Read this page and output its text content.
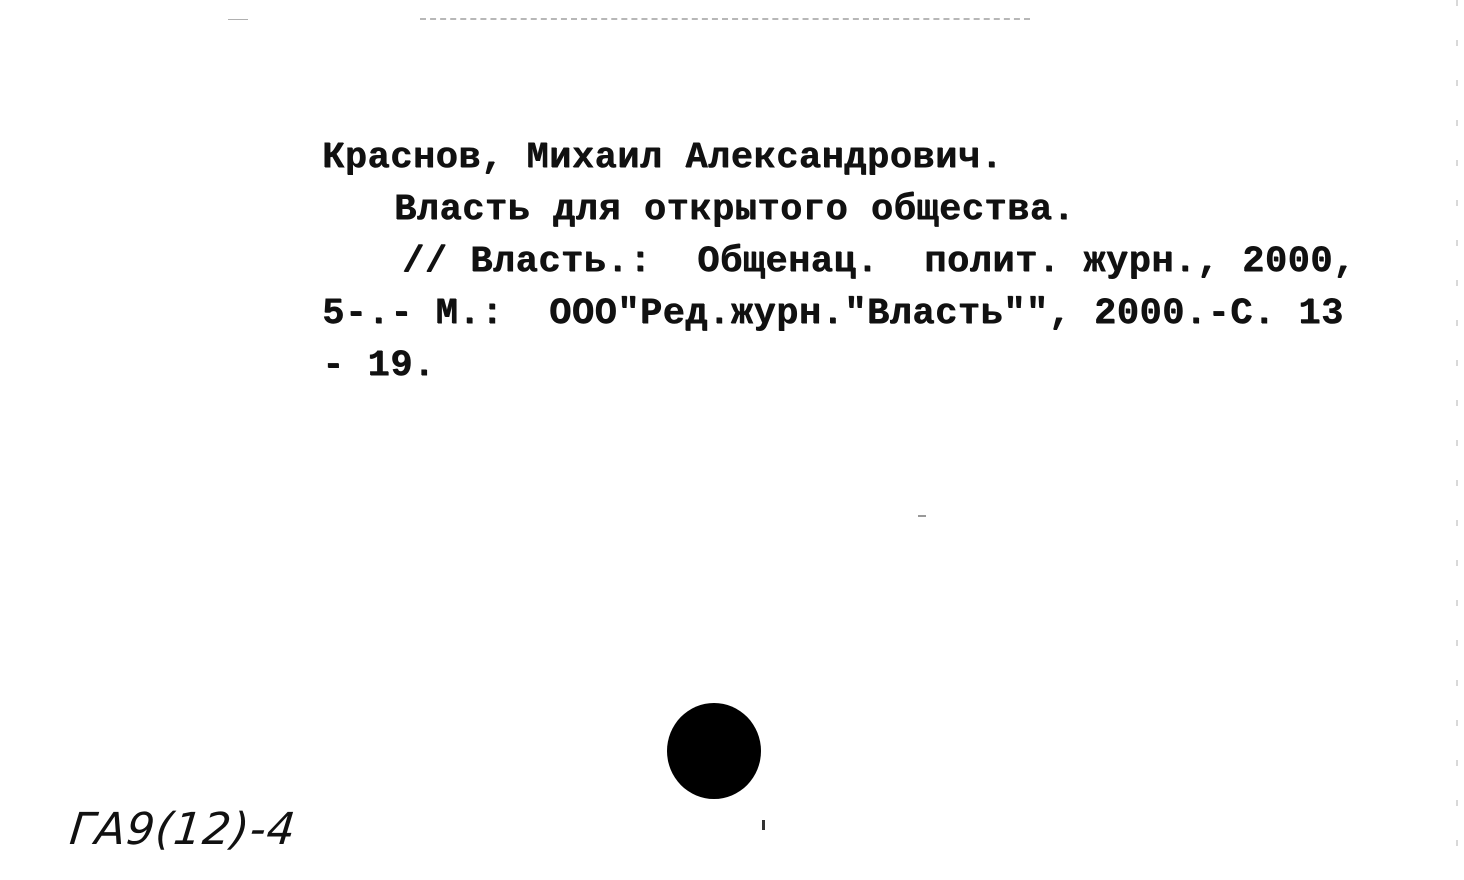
Краснов, Михаил Александрович.
Власть для открытого общества.
// Власть.:  Общенац.  полит. журн., 2000,
5-.- М.:  ООО"Ред.журн."Власть"", 2000.-С. 13
- 19.
ГА9(12)-4
